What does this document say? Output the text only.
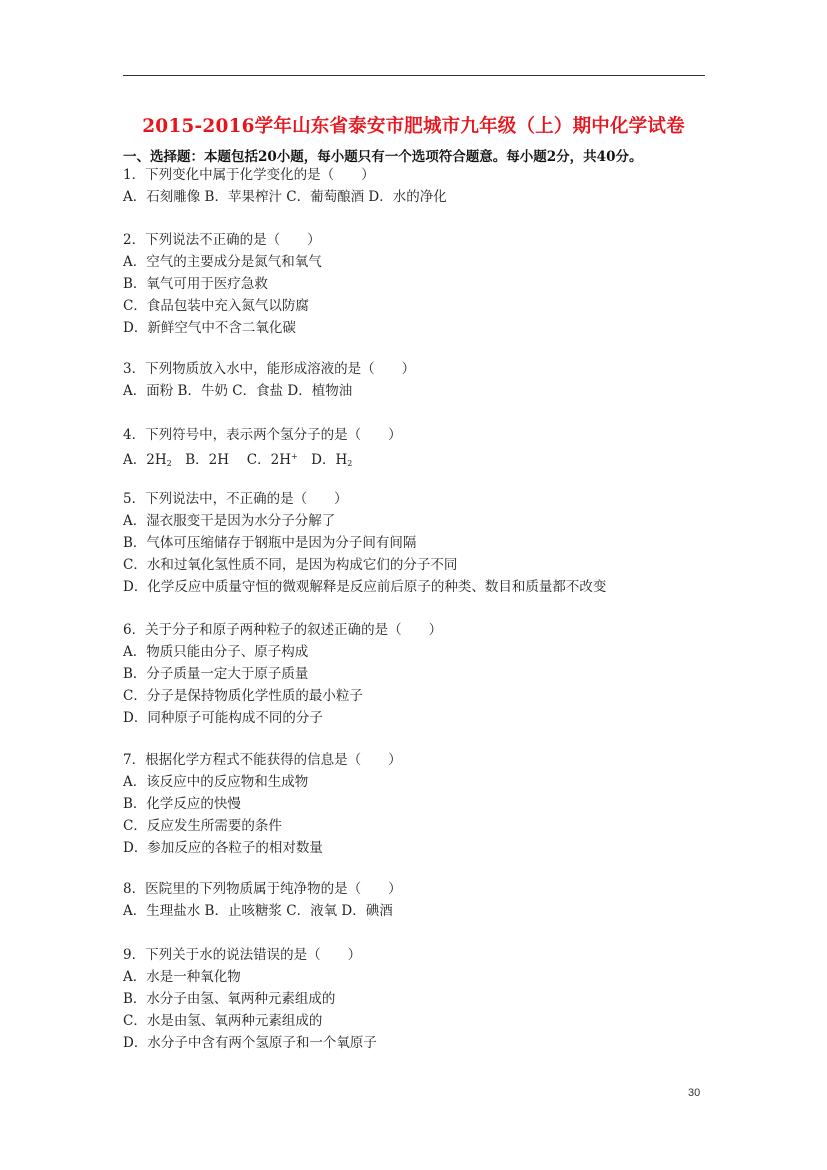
2015-2016学年山东省泰安市肥城市九年级（上）期中化学试卷
一、选择题：本题包括20小题，每小题只有一个选项符合题意。每小题2分，共40分。
1．下列变化中属于化学变化的是（　　）
A．石刻雕像 B．苹果榨汁 C．葡萄酿酒 D．水的净化
2．下列说法不正确的是（　　）
A．空气的主要成分是氮气和氧气
B．氧气可用于医疗急救
C．食品包装中充入氮气以防腐
D．新鲜空气中不含二氧化碳
3．下列物质放入水中，能形成溶液的是（　　）
A．面粉 B．牛奶 C．食盐 D．植物油
4．下列符号中，表示两个氢分子的是（　　）
A．$2H_2$　B．2H　 C．2H+　D．$H_2$
5．下列说法中，不正确的是（　　）
A．湿衣服变干是因为水分子分解了
B．气体可压缩储存于钢瓶中是因为分子间有间隔
C．水和过氧化氢性质不同，是因为构成它们的分子不同
D．化学反应中质量守恒的微观解释是反应前后原子的种类、数目和质量都不改变
6．关于分子和原子两种粒子的叙述正确的是（　　）
A．物质只能由分子、原子构成
B．分子质量一定大于原子质量
C．分子是保持物质化学性质的最小粒子
D．同种原子可能构成不同的分子
7．根据化学方程式不能获得的信息是（　　）
A．该反应中的反应物和生成物
B．化学反应的快慢
C．反应发生所需要的条件
D．参加反应的各粒子的相对数量
8．医院里的下列物质属于纯净物的是（　　）
A．生理盐水 B．止咳糖浆 C．液氧 D．碘酒
9．下列关于水的说法错误的是（　　）
A．水是一种氧化物
B．水分子由氢、氧两种元素组成的
C．水是由氢、氧两种元素组成的
D．水分子中含有两个氢原子和一个氧原子
30
